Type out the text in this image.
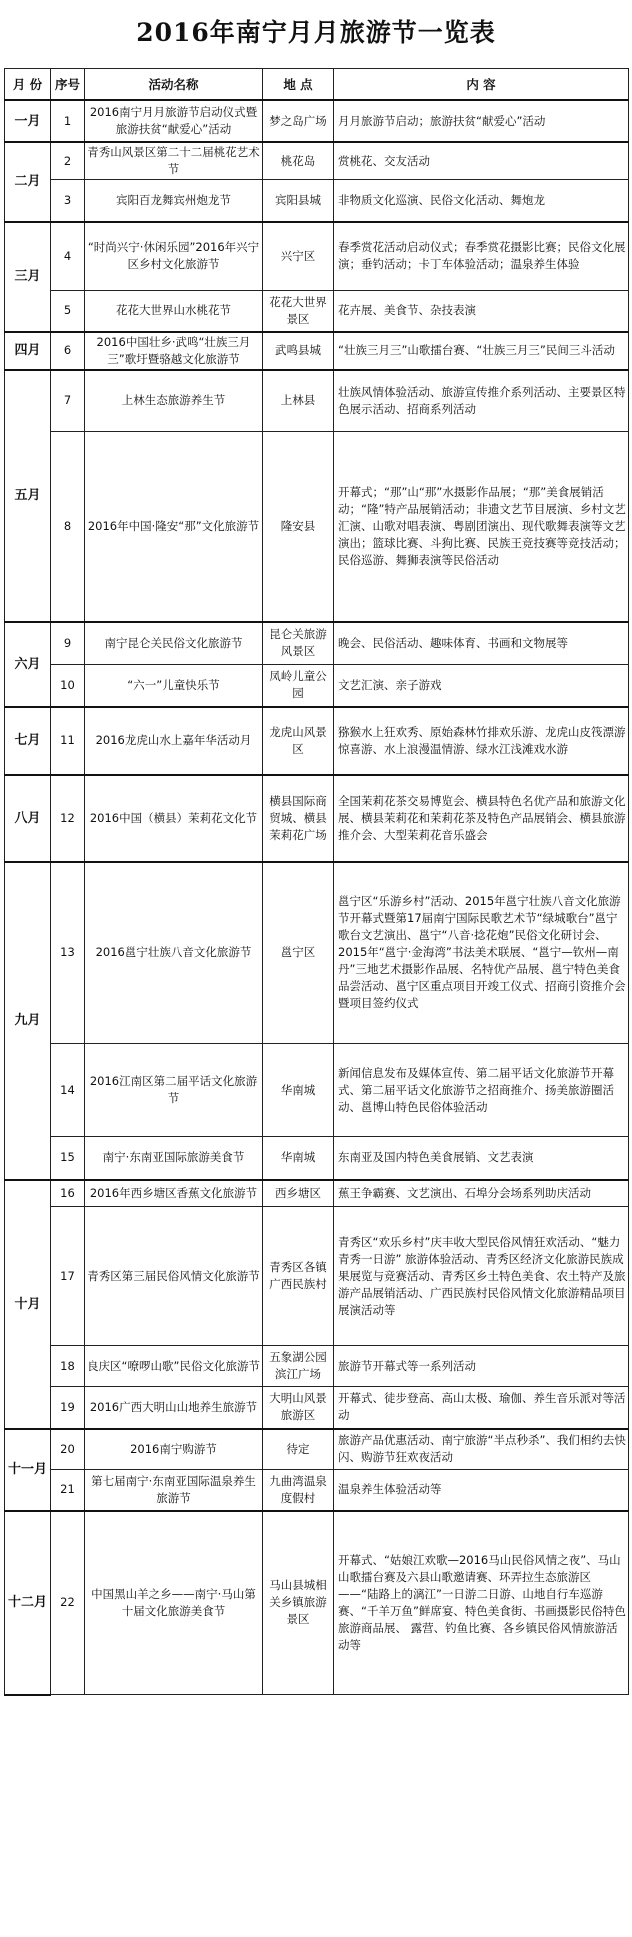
2016年南宁月月旅游节一览表
月 份	序号	活动名称	地 点	内 容
一月	1	2016南宁月月旅游节启动仪式暨旅游扶贫“献爱心”活动	梦之岛广场	月月旅游节启动；旅游扶贫“献爱心”活动
二月	2	青秀山风景区第二十二届桃花艺术节	桃花岛	赏桃花、交友活动
	3	宾阳百龙舞宾州炮龙节	宾阳县城	非物质文化巡演、民俗文化活动、舞炮龙
三月	4	“时尚兴宁·休闲乐园”2016年兴宁区乡村文化旅游节	兴宁区	春季赏花活动启动仪式；春季赏花摄影比赛；民俗文化展演；垂钓活动；卡丁车体验活动；温泉养生体验
	5	花花大世界山水桃花节	花花大世界景区	花卉展、美食节、杂技表演
四月	6	2016中国壮乡·武鸣“壮族三月三”歌圩暨骆越文化旅游节	武鸣县城	“壮族三月三”山歌擂台赛、“壮族三月三”民间三斗活动
五月	7	上林生态旅游养生节	上林县	壮族风情体验活动、旅游宣传推介系列活动、主要景区特色展示活动、招商系列活动
	8	2016年中国·隆安“那”文化旅游节	隆安县	开幕式；“那”山“那”水摄影作品展；“那”美食展销活动；“隆”特产品展销活动；非遗文艺节目展演、乡村文艺汇演、山歌对唱表演、粤剧团演出、现代歌舞表演等文艺演出；篮球比赛、斗狗比赛、民族王竞技赛等竞技活动；民俗巡游、舞狮表演等民俗活动
六月	9	南宁昆仑关民俗文化旅游节	昆仑关旅游风景区	晚会、民俗活动、趣味体育、书画和文物展等
	10	“六一”儿童快乐节	凤岭儿童公园	文艺汇演、亲子游戏
七月	11	2016龙虎山水上嘉年华活动月	龙虎山风景区	猕猴水上狂欢秀、原始森林竹排欢乐游、龙虎山皮筏漂游惊喜游、水上浪漫温情游、绿水江浅滩戏水游
八月	12	2016中国（横县）茉莉花文化节	横县国际商贸城、横县茉莉花广场	全国茉莉花茶交易博览会、横县特色名优产品和旅游文化展、横县茉莉花和茉莉花茶及特色产品展销会、横县旅游推介会、大型茉莉花音乐盛会
九月	13	2016邕宁壮族八音文化旅游节	邕宁区	邕宁区“乐游乡村”活动、2015年邕宁壮族八音文化旅游节开幕式暨第17届南宁国际民歌艺术节“绿城歌台”邕宁歌台文艺演出、邕宁“八音·捻花炮”民俗文化研讨会、2015年“邕宁·金海湾”书法美术联展、“邕宁—钦州—南丹”三地艺术摄影作品展、名特优产品展、邕宁特色美食品尝活动、邕宁区重点项目开竣工仪式、招商引资推介会暨项目签约仪式
	14	2016江南区第二届平话文化旅游节	华南城	新闻信息发布及媒体宣传、第二届平话文化旅游节开幕式、第二届平话文化旅游节之招商推介、扬美旅游圈活动、邕博山特色民俗体验活动
	15	南宁·东南亚国际旅游美食节	华南城	东南亚及国内特色美食展销、文艺表演
十月	16	2016年西乡塘区香蕉文化旅游节	西乡塘区	蕉王争霸赛、文艺演出、石埠分会场系列助庆活动
	17	青秀区第三届民俗风情文化旅游节	青秀区各镇广西民族村	青秀区“欢乐乡村”庆丰收大型民俗风情狂欢活动、“魅力青秀一日游” 旅游体验活动、青秀区经济文化旅游民族成果展览与竞赛活动、青秀区乡土特色美食、农土特产及旅游产品展销活动、广西民族村民俗风情文化旅游精品项目展演活动等
	18	良庆区“嘹啰山歌”民俗文化旅游节	五象湖公园滨江广场	旅游节开幕式等一系列活动
	19	2016广西大明山山地养生旅游节	大明山风景旅游区	开幕式、徒步登高、高山太极、瑜伽、养生音乐派对等活动
十一月	20	2016南宁购游节	待定	旅游产品优惠活动、南宁旅游“半点秒杀”、我们相约去快闪、购游节狂欢夜活动
	21	第七届南宁·东南亚国际温泉养生旅游节	九曲湾温泉度假村	温泉养生体验活动等
十二月	22	中国黑山羊之乡——南宁·马山第十届文化旅游美食节	马山县城相关乡镇旅游景区	开幕式、“姑娘江欢歌—2016马山民俗风情之夜”、马山山歌擂台赛及六县山歌邀请赛、环弄拉生态旅游区——“陆路上的漓江”一日游二日游、山地自行车巡游赛、“千羊万鱼”鲜席宴、特色美食街、书画摄影民俗特色旅游商品展、 露营、钓鱼比赛、各乡镇民俗风情旅游活动等
